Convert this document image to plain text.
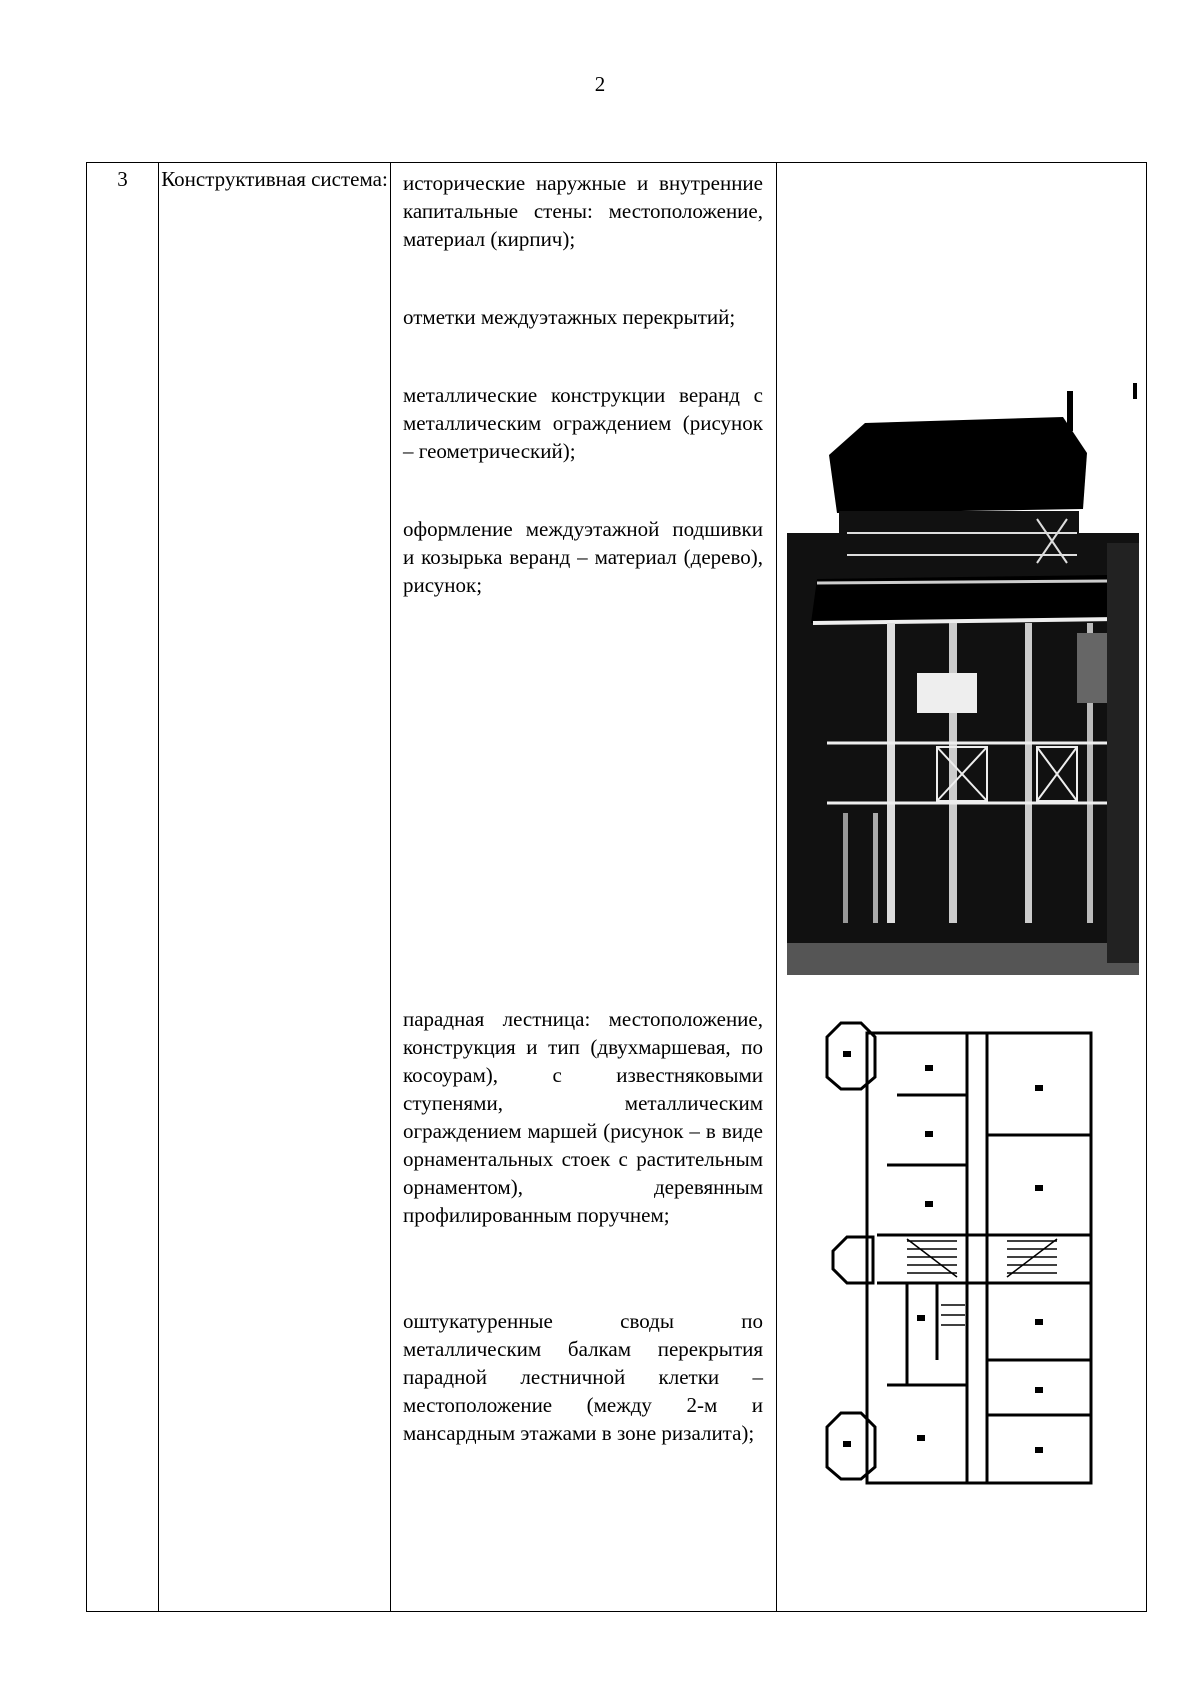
2
3	Конструктивная система:	исторические наружные и внутренние капитальные стены: местоположение, материал (кирпич);
отметки междуэтажных перекрытий;
металлические конструкции веранд с металлическим ограждением (рисунок – геометрический);
оформление междуэтажной подшивки и козырька веранд – материал (дерево), рисунок;
парадная лестница: местоположение, конструкция и тип (двухмаршевая, по косоурам), с известняковыми ступенями, металлическим ограждением маршей (рисунок – в виде орнаментальных стоек с растительным орнаментом), деревянным профилированным поручнем;
оштукатуренные своды по металлическим балкам перекрытия парадной лестничной клетки – местоположение (между 2-м и мансардным этажами в зоне ризалита);
